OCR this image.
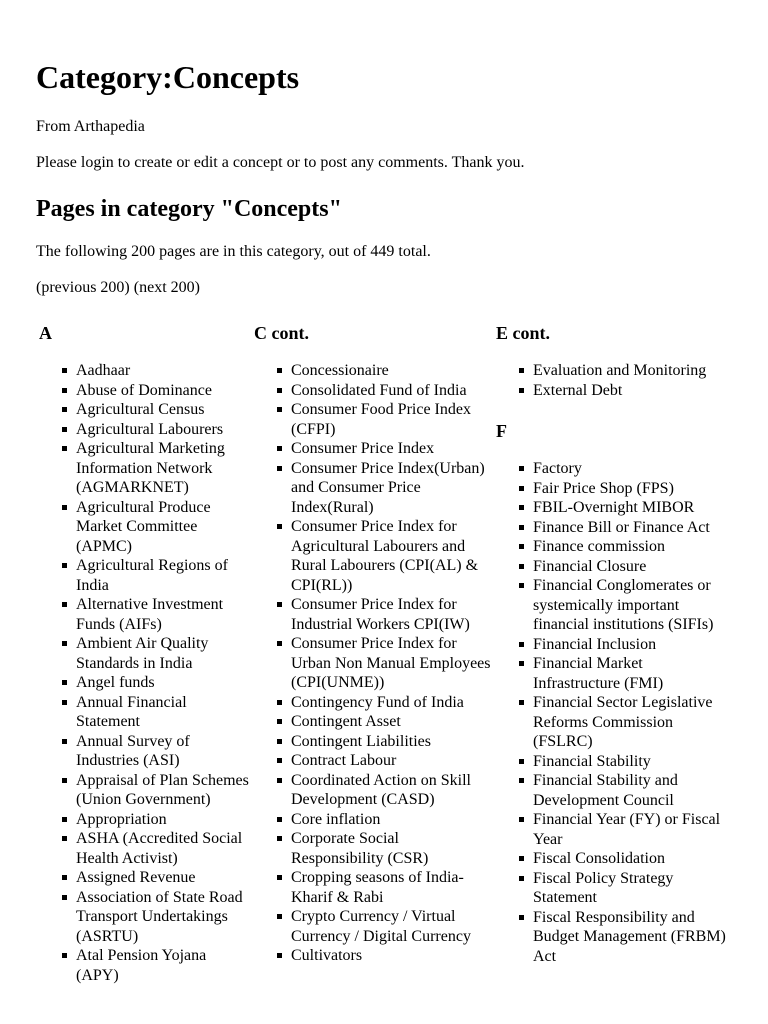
Category:Concepts

From Arthapedia

Please login to create or edit a concept or to post any comments. Thank you.

Pages in category "Concepts"

The following 200 pages are in this category, out of 449 total.

(previous 200) (next 200)

A
Aadhaar
Abuse of Dominance
Agricultural Census
Agricultural Labourers
Agricultural Marketing Information Network (AGMARKNET)
Agricultural Produce Market Committee (APMC)
Agricultural Regions of India
Alternative Investment Funds (AIFs)
Ambient Air Quality Standards in India
Angel funds
Annual Financial Statement
Annual Survey of Industries (ASI)
Appraisal of Plan Schemes (Union Government)
Appropriation
ASHA (Accredited Social Health Activist)
Assigned Revenue
Association of State Road Transport Undertakings (ASRTU)
Atal Pension Yojana (APY)
C cont.
Concessionaire
Consolidated Fund of India
Consumer Food Price Index (CFPI)
Consumer Price Index
Consumer Price Index(Urban) and Consumer Price Index(Rural)
Consumer Price Index for Agricultural Labourers and Rural Labourers (CPI(AL) & CPI(RL))
Consumer Price Index for Industrial Workers CPI(IW)
Consumer Price Index for Urban Non Manual Employees (CPI(UNME))
Contingency Fund of India
Contingent Asset
Contingent Liabilities
Contract Labour
Coordinated Action on Skill Development (CASD)
Core inflation
Corporate Social Responsibility (CSR)
Cropping seasons of India- Kharif & Rabi
Crypto Currency / Virtual Currency / Digital Currency
Cultivators
E cont.
Evaluation and Monitoring
External Debt
F
Factory
Fair Price Shop (FPS)
FBIL-Overnight MIBOR
Finance Bill or Finance Act
Finance commission
Financial Closure
Financial Conglomerates or systemically important financial institutions (SIFIs)
Financial Inclusion
Financial Market Infrastructure (FMI)
Financial Sector Legislative Reforms Commission (FSLRC)
Financial Stability
Financial Stability and Development Council
Financial Year (FY) or Fiscal Year
Fiscal Consolidation
Fiscal Policy Strategy Statement
Fiscal Responsibility and Budget Management (FRBM) Act
